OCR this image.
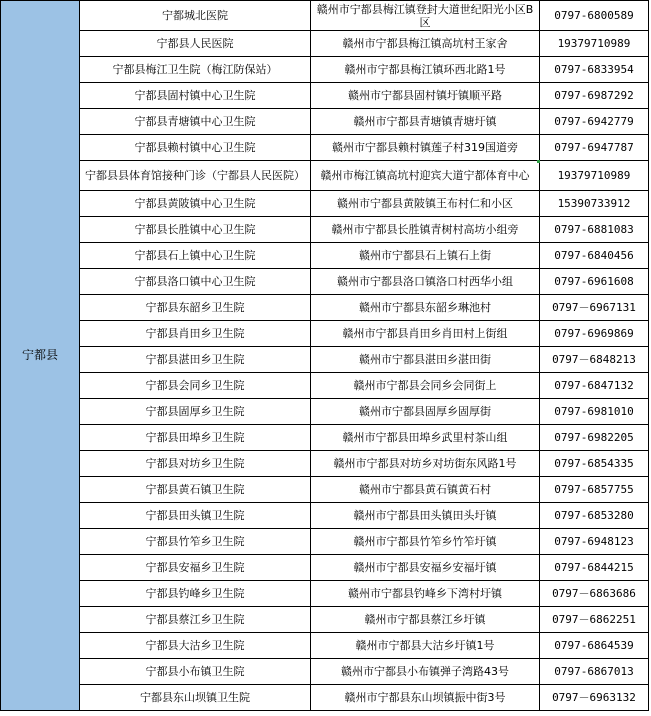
宁都县	宁都城北医院	赣州市宁都县梅江镇登封大道世纪阳光小区B区	0797-6800589
	宁都县人民医院	赣州市宁都县梅江镇高坑村王家舍	19379710989
	宁都县梅江卫生院（梅江防保站）	赣州市宁都县梅江镇环西北路1号	0797-6833954
	宁都县固村镇中心卫生院	赣州市宁都县固村镇圩镇顺平路	0797-6987292
	宁都县青塘镇中心卫生院	赣州市宁都县青塘镇青塘圩镇	0797-6942779
	宁都县赖村镇中心卫生院	赣州市宁都县赖村镇莲子村319国道旁	0797-6947787
	宁都县县体育馆接种门诊（宁都县人民医院）	赣州市梅江镇高坑村迎宾大道宁都体育中心	19379710989
	宁都县黄陂镇中心卫生院	赣州市宁都县黄陂镇王布村仁和小区	15390733912
	宁都县长胜镇中心卫生院	赣州市宁都县长胜镇青树村高坊小组旁	0797-6881083
	宁都县石上镇中心卫生院	赣州市宁都县石上镇石上街	0797-6840456
	宁都县洛口镇中心卫生院	赣州市宁都县洛口镇洛口村西华小组	0797-6961608
	宁都县东韶乡卫生院	赣州市宁都县东韶乡琳池村	0797－6967131
	宁都县肖田乡卫生院	赣州市宁都县肖田乡肖田村上街组	0797-6969869
	宁都县湛田乡卫生院	赣州市宁都县湛田乡湛田街	0797－6848213
	宁都县会同乡卫生院	赣州市宁都县会同乡会同街上	0797-6847132
	宁都县固厚乡卫生院	赣州市宁都县固厚乡固厚街	0797-6981010
	宁都县田埠乡卫生院	赣州市宁都县田埠乡武里村茶山组	0797-6982205
	宁都县对坊乡卫生院	赣州市宁都县对坊乡对坊街东风路1号	0797-6854335
	宁都县黄石镇卫生院	赣州市宁都县黄石镇黄石村	0797-6857755
	宁都县田头镇卫生院	赣州市宁都县田头镇田头圩镇	0797-6853280
	宁都县竹笮乡卫生院	赣州市宁都县竹笮乡竹笮圩镇	0797-6948123
	宁都县安福乡卫生院	赣州市宁都县安福乡安福圩镇	0797-6844215
	宁都县钓峰乡卫生院	赣州市宁都县钓峰乡下湾村圩镇	0797－6863686
	宁都县蔡江乡卫生院	赣州市宁都县蔡江乡圩镇	0797－6862251
	宁都县大沽乡卫生院	赣州市宁都县大沽乡圩镇1号	0797-6864539
	宁都县小布镇卫生院	赣州市宁都县小布镇弹子湾路43号	0797-6867013
	宁都县东山坝镇卫生院	赣州市宁都县东山坝镇振中街3号	0797－6963132
